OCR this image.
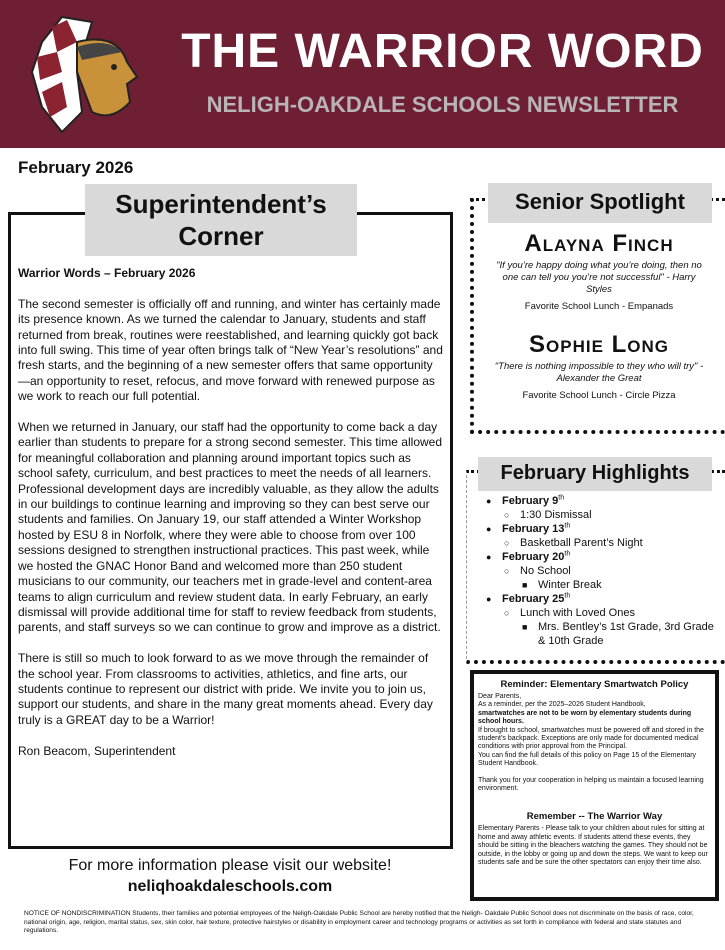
THE WARRIOR WORD
NELIGH-OAKDALE SCHOOLS NEWSLETTER
February 2026
Superintendent’s
Corner

Warrior Words – February 2026

The second semester is officially off and running, and winter has certainly made its presence known. As we turned the calendar to January, students and staff returned from break, routines were reestablished, and learning quickly got back into full swing. This time of year often brings talk of “New Year’s resolutions” and fresh starts, and the beginning of a new semester offers that same opportunity—an opportunity to reset, refocus, and move forward with renewed purpose as we work to reach our full potential.

When we returned in January, our staff had the opportunity to come back a day earlier than students to prepare for a strong second semester. This time allowed for meaningful collaboration and planning around important topics such as school safety, curriculum, and best practices to meet the needs of all learners. Professional development days are incredibly valuable, as they allow the adults in our buildings to continue learning and improving so they can best serve our students and families. On January 19, our staff attended a Winter Workshop hosted by ESU 8 in Norfolk, where they were able to choose from over 100 sessions designed to strengthen instructional practices. This past week, while we hosted the GNAC Honor Band and welcomed more than 250 student musicians to our community, our teachers met in grade-level and content-area teams to align curriculum and review student data. In early February, an early dismissal will provide additional time for staff to review feedback from students, parents, and staff surveys so we can continue to grow and improve as a district.

There is still so much to look forward to as we move through the remainder of the school year. From classrooms to activities, athletics, and fine arts, our students continue to represent our district with pride. We invite you to join us, support our students, and share in the many great moments ahead. Every day truly is a GREAT day to be a Warrior!

Ron Beacom, Superintendent

Senior Spotlight
Alayna Finch
"If you’re happy doing what you’re doing, then no one can tell you you’re not successful" - Harry Styles
Favorite School Lunch - Empanads
Sophie Long
"There is nothing impossible to they who will try" - Alexander the Great
Favorite School Lunch - Circle Pizza
February Highlights
● February 9th
○ 1:30 Dismissal
● February 13th
○ Basketball Parent’s Night
● February 20th
○ No School
■ Winter Break
● February 25th
○ Lunch with Loved Ones
■ Mrs. Bentley’s 1st Grade, 3rd Grade & 10th Grade
Reminder: Elementary Smartwatch Policy

Dear Parents,

As a reminder, per the 2025–2026 Student Handbook,

smartwatches are not to be worn by elementary students during school hours.

If brought to school, smartwatches must be powered off and stored in the student’s backpack. Exceptions are only made for documented medical conditions with prior approval from the Principal.

You can find the full details of this policy on Page 15 of the Elementary Student Handbook.

Thank you for your cooperation in helping us maintain a focused learning environment.

Remember -- The Warrior Way

Elementary Parents - Please talk to your children about rules for sitting at home and away athletic events. If students attend these events, they should be sitting in the bleachers watching the games. They should not be outside, in the lobby or going up and down the steps. We want to keep our students safe and be sure the other spectators can enjoy their time also.

For more information please visit our website!
neliqhoakdaleschools.com
NOTICE OF NONDISCRIMINATION Students, their families and potential employees of the Neligh-Oakdale Public School are hereby notified that the Neligh- Oakdale Public School does not discriminate on the basis of race, color, national origin, age, religion, marital status, sex, skin color, hair texture, protective hairstyles or disability in employment career and technology programs or activities as set forth in compliance with federal and state statutes and regulations.
